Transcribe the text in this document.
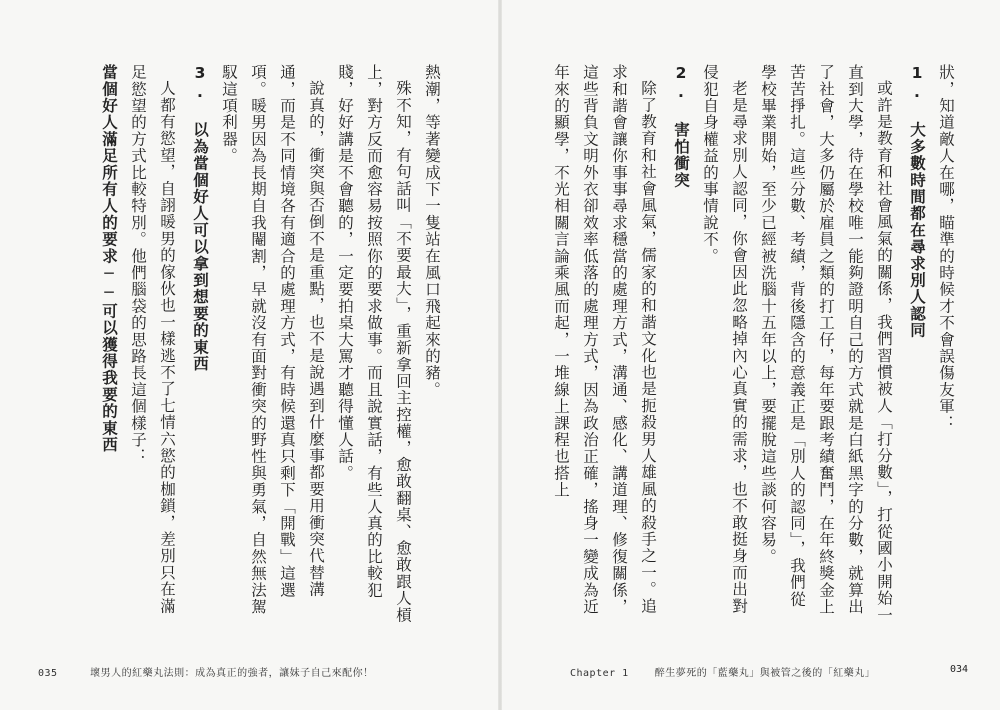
熱潮，等著變成下一隻站在風口飛起來的豬。

殊不知，有句話叫「不要最大」，重新拿回主控權，愈敢翻桌、愈敢跟人槓上，對方反而愈容易按照你的要求做事。而且說實話，有些人真的比較犯賤，好好講是不會聽的，一定要拍桌大罵才聽得懂人話。

說真的，衝突與否倒不是重點，也不是說遇到什麼事都要用衝突代替溝通，而是不同情境各有適合的處理方式，有時候還真只剩下「開戰」這選項。暖男因為長期自我閹割，早就沒有面對衝突的野性與勇氣，自然無法駕馭這項利器。

3. 以為當個好人可以拿到想要的東西

人都有慾望，自詡暖男的傢伙也一樣逃不了七情六慾的枷鎖，差別只在滿足慾望的方式比較特別。他們腦袋的思路長這個樣子：

當個好人滿足所有人的要求──可以獲得我要的東西
035	壞男人的紅藥丸法則：成為真正的強者，讓妹子自己來配你！

狀，知道敵人在哪，瞄準的時候才不會誤傷友軍：

1. 大多數時間都在尋求別人認同

或許是教育和社會風氣的關係，我們習慣被人「打分數」，打從國小開始一直到大學，待在學校唯一能夠證明自己的方式就是白紙黑字的分數，就算出了社會，大多仍屬於雇員之類的打工仔，每年要跟考績奮鬥，在年終獎金上苦苦掙扎。這些分數、考績，背後隱含的意義正是「別人的認同」，我們從學校畢業開始，至少已經被洗腦十五年以上，要擺脫這些談何容易。

老是尋求別人認同，你會因此忽略掉內心真實的需求，也不敢挺身而出對侵犯自身權益的事情說不。

2. 害怕衝突

除了教育和社會風氣，儒家的和諧文化也是扼殺男人雄風的殺手之一。追求和諧會讓你事事尋求穩當的處理方式，溝通、感化、講道理、修復關係，這些背負文明外衣卻效率低落的處理方式，因為政治正確，搖身一變成為近年來的顯學，不光相關言論乘風而起，一堆線上課程也搭上

Chapter 1	醉生夢死的「藍藥丸」與被管之後的「紅藥丸」	034
